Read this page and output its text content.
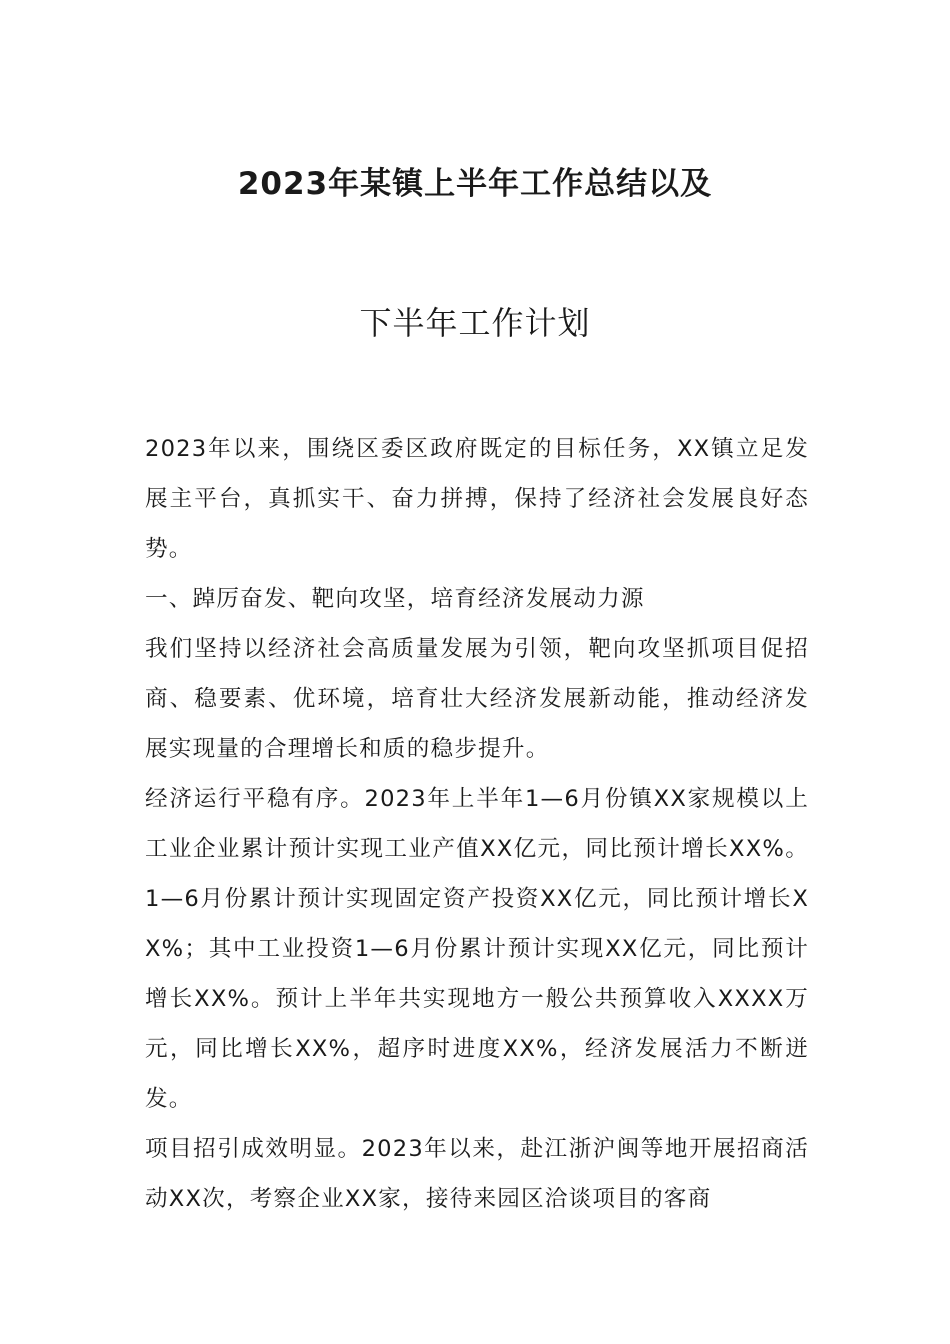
2023年某镇上半年工作总结以及
下半年工作计划

2023年以来，围绕区委区政府既定的目标任务，XX镇立足发展主平台，真抓实干、奋力拼搏，保持了经济社会发展良好态势。

一、踔厉奋发、靶向攻坚，培育经济发展动力源

我们坚持以经济社会高质量发展为引领，靶向攻坚抓项目促招商、稳要素、优环境，培育壮大经济发展新动能，推动经济发展实现量的合理增长和质的稳步提升。

经济运行平稳有序。2023年上半年1—6月份镇XX家规模以上工业企业累计预计实现工业产值XX亿元，同比预计增长XX%。1—6月份累计预计实现固定资产投资XX亿元，同比预计增长XX%；其中工业投资1—6月份累计预计实现XX亿元，同比预计增长XX%。预计上半年共实现地方一般公共预算收入XXXX万元，同比增长XX%，超序时进度XX%，经济发展活力不断迸发。

项目招引成效明显。2023年以来，赴江浙沪闽等地开展招商活动XX次，考察企业XX家，接待来园区洽谈项目的客商
